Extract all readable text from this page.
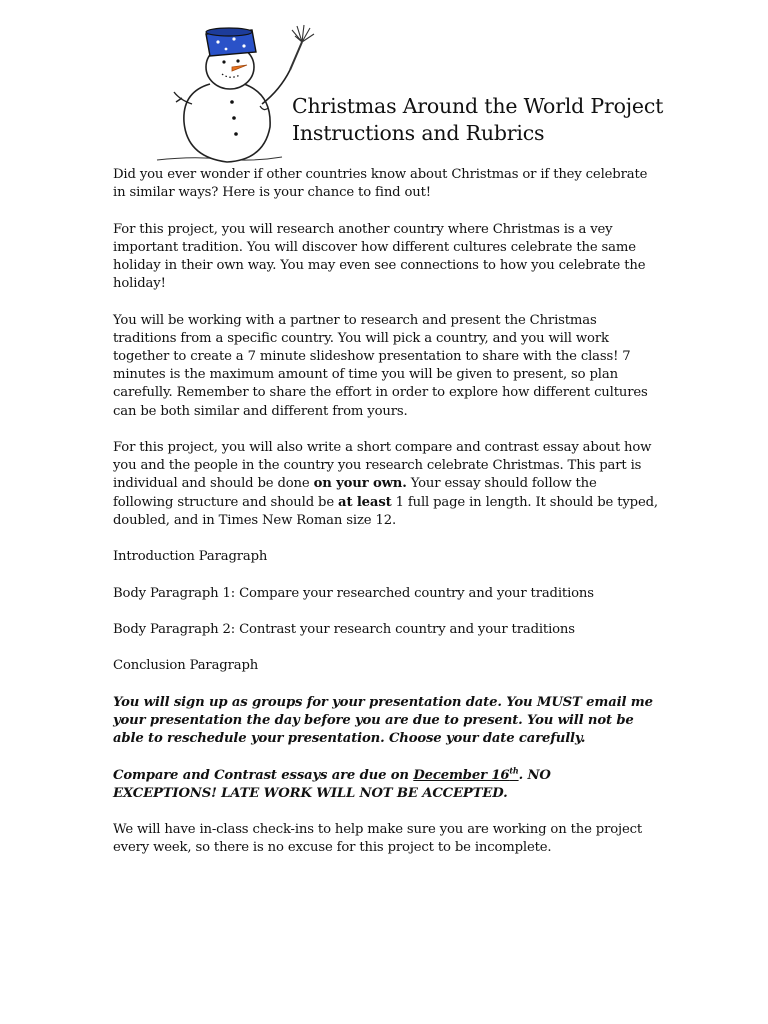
Christmas Around the World Project
Instructions and Rubrics

Did you ever wonder if other countries know about Christmas or if they celebrate in similar ways? Here is your chance to find out!

For this project, you will research another country where Christmas is a vey important tradition. You will discover how different cultures celebrate the same holiday in their own way. You may even see connections to how you celebrate the holiday!

You will be working with a partner to research and present the Christmas traditions from a specific country. You will pick a country, and you will work together to create a 7 minute slideshow presentation to share with the class! 7 minutes is the maximum amount of time you will be given to present, so plan carefully. Remember to share the effort in order to explore how different cultures can be both similar and different from yours.

For this project, you will also write a short compare and contrast essay about how you and the people in the country you research celebrate Christmas. This part is individual and should be done on your own. Your essay should follow the following structure and should be at least 1 full page in length. It should be typed, doubled, and in Times New Roman size 12.

Introduction Paragraph

Body Paragraph 1: Compare your researched country and your traditions

Body Paragraph 2: Contrast your research country and your traditions

Conclusion Paragraph

You will sign up as groups for your presentation date. You MUST email me your presentation the day before you are due to present. You will not be able to reschedule your presentation. Choose your date carefully.

Compare and Contrast essays are due on December 16th. NO EXCEPTIONS! LATE WORK WILL NOT BE ACCEPTED.

We will have in-class check-ins to help make sure you are working on the project every week, so there is no excuse for this project to be incomplete.
